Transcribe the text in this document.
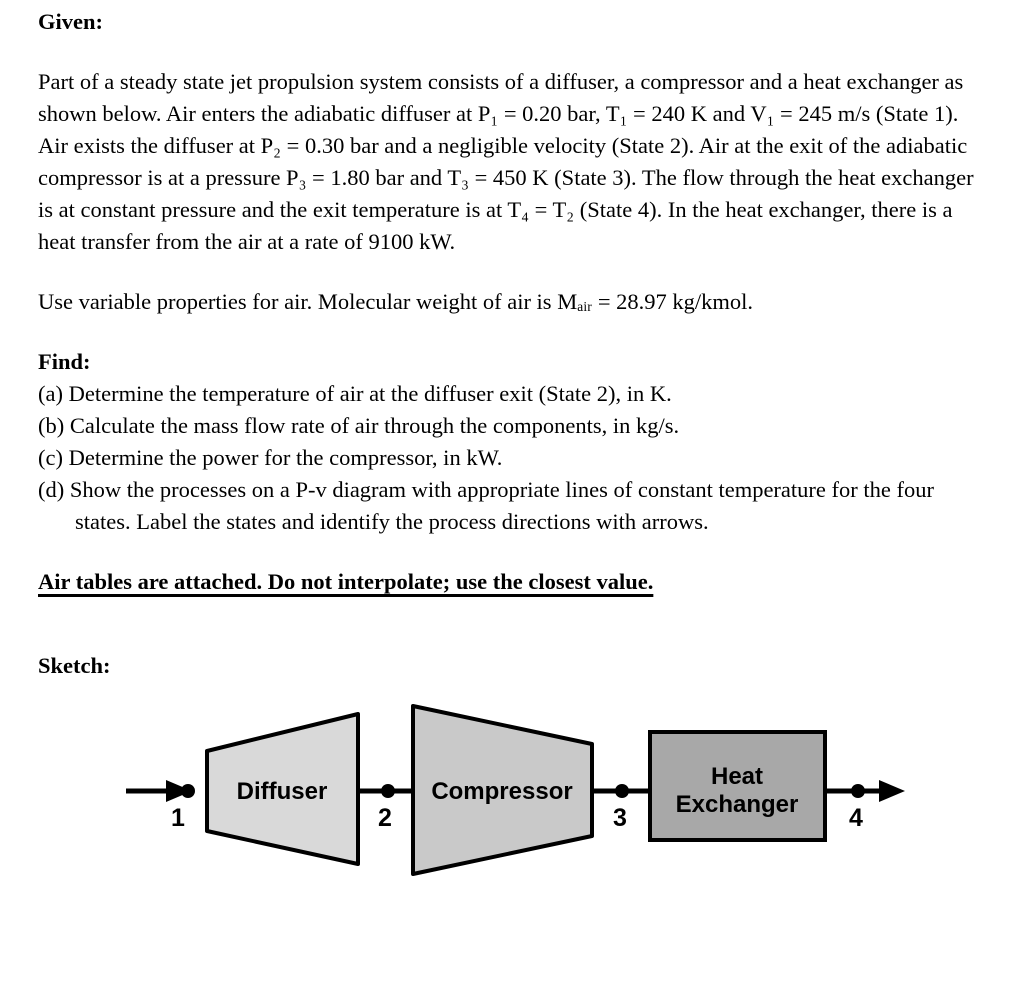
Given:

Part of a steady state jet propulsion system consists of a diffuser, a compressor and a heat exchanger as shown below. Air enters the adiabatic diffuser at P₁ = 0.20 bar, T₁ = 240 K and V₁ = 245 m/s (State 1). Air exists the diffuser at P₂ = 0.30 bar and a negligible velocity (State 2). Air at the exit of the adiabatic compressor is at a pressure P₃ = 1.80 bar and T₃ = 450 K (State 3). The flow through the heat exchanger is at constant pressure and the exit temperature is at T₄ = T₂ (State 4). In the heat exchanger, there is a heat transfer from the air at a rate of 9100 kW.

Use variable properties for air. Molecular weight of air is Mₐᵢᵣ = 28.97 kg/kmol.

Find:

(a) Determine the temperature of air at the diffuser exit (State 2), in K.
(b) Calculate the mass flow rate of air through the components, in kg/s.
(c) Determine the power for the compressor, in kW.
(d) Show the processes on a P-v diagram with appropriate lines of constant temperature for the four states. Label the states and identify the process directions with arrows.

Air tables are attached. Do not interpolate; use the closest value.

Sketch:

Diffuser	Compressor
Heat
Exchanger
1	2	3	4
